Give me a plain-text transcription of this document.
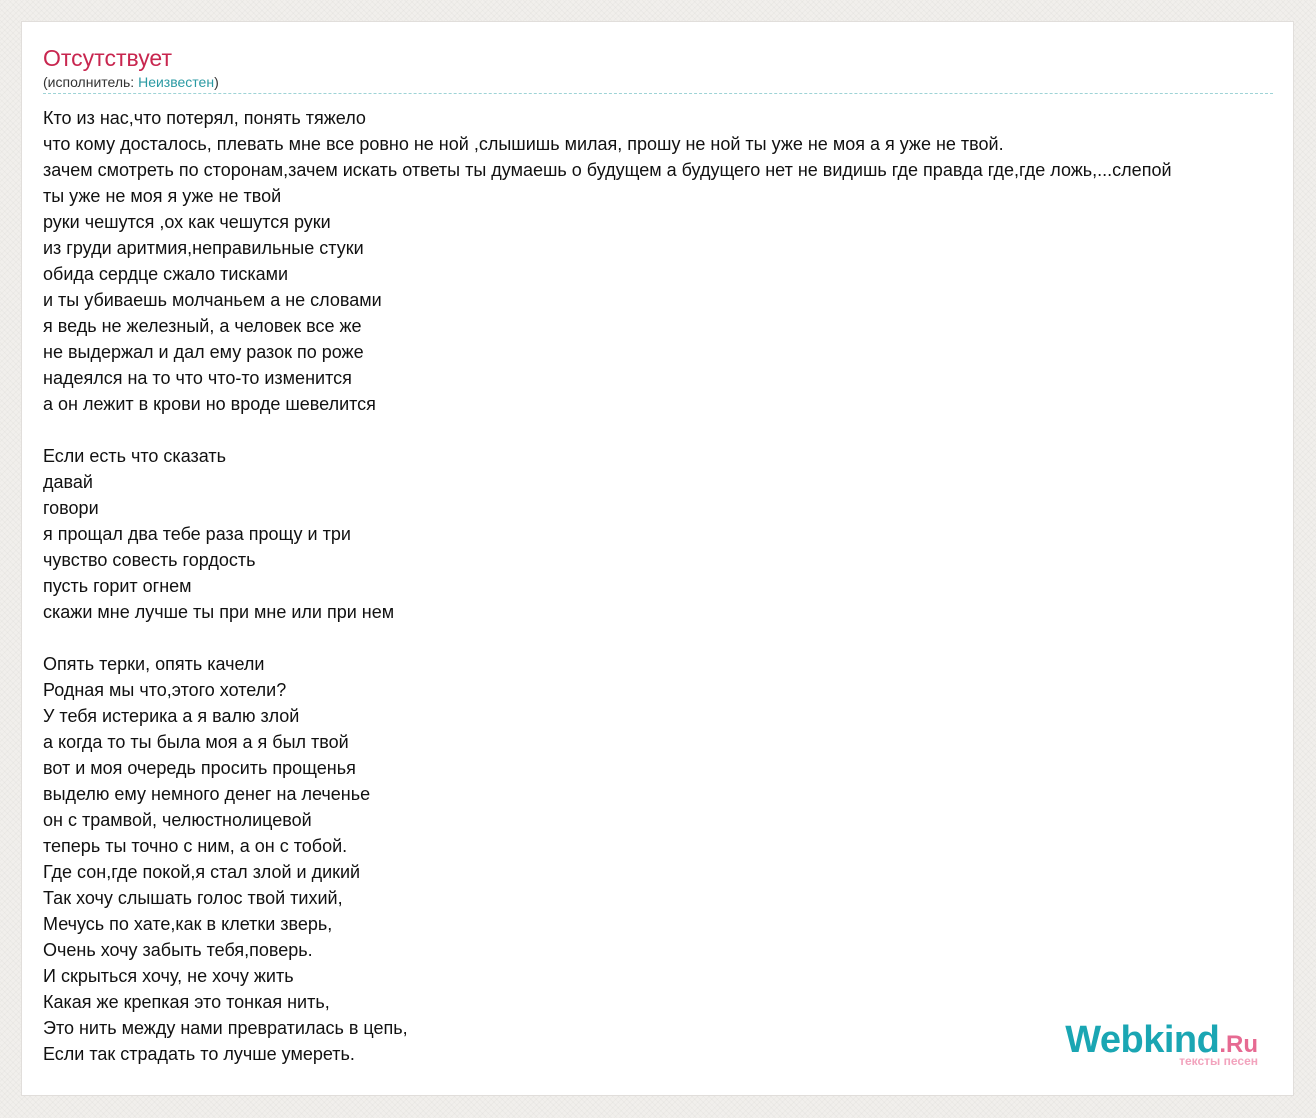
Отсутствует
(исполнитель: Неизвестен)
Кто из нас,что потерял, понять тяжело
что кому досталось, плевать мне все ровно не ной ,слышишь милая, прошу не ной ты уже не моя а я уже не твой.
зачем смотреть по сторонам,зачем искать ответы ты думаешь о будущем а будущего нет не видишь где правда где,где ложь,...слепой
ты уже не моя я уже не твой
руки чешутся ,ох как чешутся руки
из груди аритмия,неправильные стуки
обида сердце сжало тисками
и ты убиваешь молчаньем а не словами
я ведь не железный, а человек все же
не выдержал и дал ему разок по роже
надеялся на то что что-то изменится
а он лежит в крови но вроде шевелится
Если есть что сказать
давай
говори
я прощал два тебе раза прощу и три
чувство совесть гордость
пусть горит огнем
скажи мне лучше ты при мне или при нем
Опять терки, опять качели
Родная мы что,этого хотели?
У тебя истерика а я валю злой
а когда то ты была моя а я был твой
вот и моя очередь просить прощенья
выделю ему немного денег на леченье
он с трамвой, челюстнолицевой
теперь ты точно с ним, а он с тобой.
Где сон,где покой,я стал злой и дикий
Так хочу слышать голос твой тихий,
Мечусь по хате,как в клетки зверь,
Очень хочу забыть тебя,поверь.
И скрыться хочу, не хочу жить
Какая же крепкая это тонкая нить,
Это нить между нами превратилась в цепь,
Если так страдать то лучше умереть.	Webkind.Ru
тексты песен
